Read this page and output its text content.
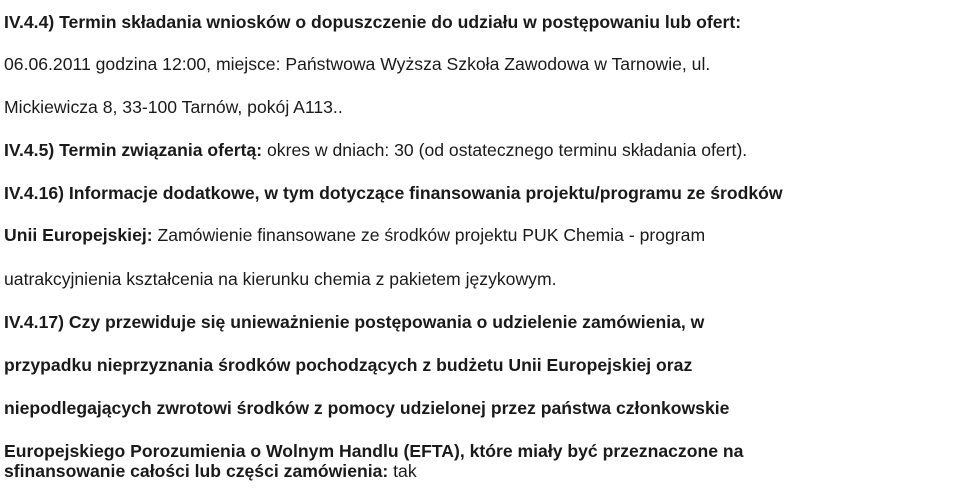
IV.4.4) Termin składania wniosków o dopuszczenie do udziału w postępowaniu lub ofert:
06.06.2011 godzina 12:00, miejsce: Państwowa Wyższa Szkoła Zawodowa w Tarnowie, ul.
Mickiewicza 8, 33-100 Tarnów, pokój A113..
IV.4.5) Termin związania ofertą: okres w dniach: 30 (od ostatecznego terminu składania ofert).
IV.4.16) Informacje dodatkowe, w tym dotyczące finansowania projektu/programu ze środków
Unii Europejskiej: Zamówienie finansowane ze środków projektu PUK Chemia - program
uatrakcyjnienia kształcenia na kierunku chemia z pakietem językowym.
IV.4.17) Czy przewiduje się unieważnienie postępowania o udzielenie zamówienia, w
przypadku nieprzyznania środków pochodzących z budżetu Unii Europejskiej oraz
niepodlegających zwrotowi środków z pomocy udzielonej przez państwa członkowskie
Europejskiego Porozumienia o Wolnym Handlu (EFTA), które miały być przeznaczone na
sfinansowanie całości lub części zamówienia: tak
